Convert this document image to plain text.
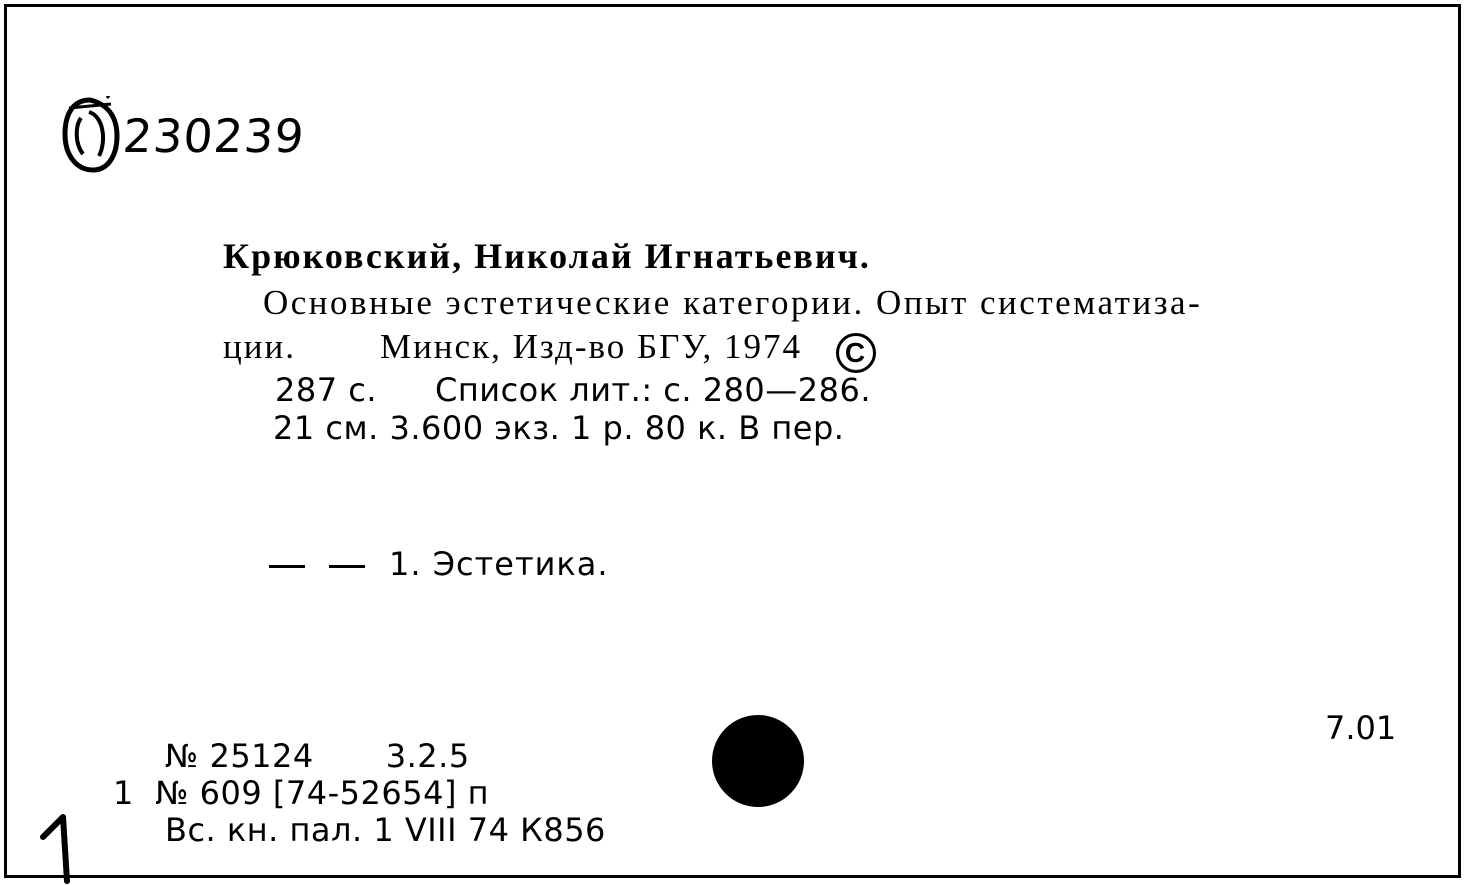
230239
Крюковский, Николай Игнатьевич.
Основные эстетические категории. Опыт систематиза-
ции. Минск, Изд-во БГУ, 1974 C
287 с. Список лит.: с. 280—286.
21 см. 3.600 экз. 1 р. 80 к. В пер.
1. Эстетика.
7.01
№ 25124 3.2.5
1  № 609 [74-52654] п
Вс. кн. пал. 1 VIII 74 К856
